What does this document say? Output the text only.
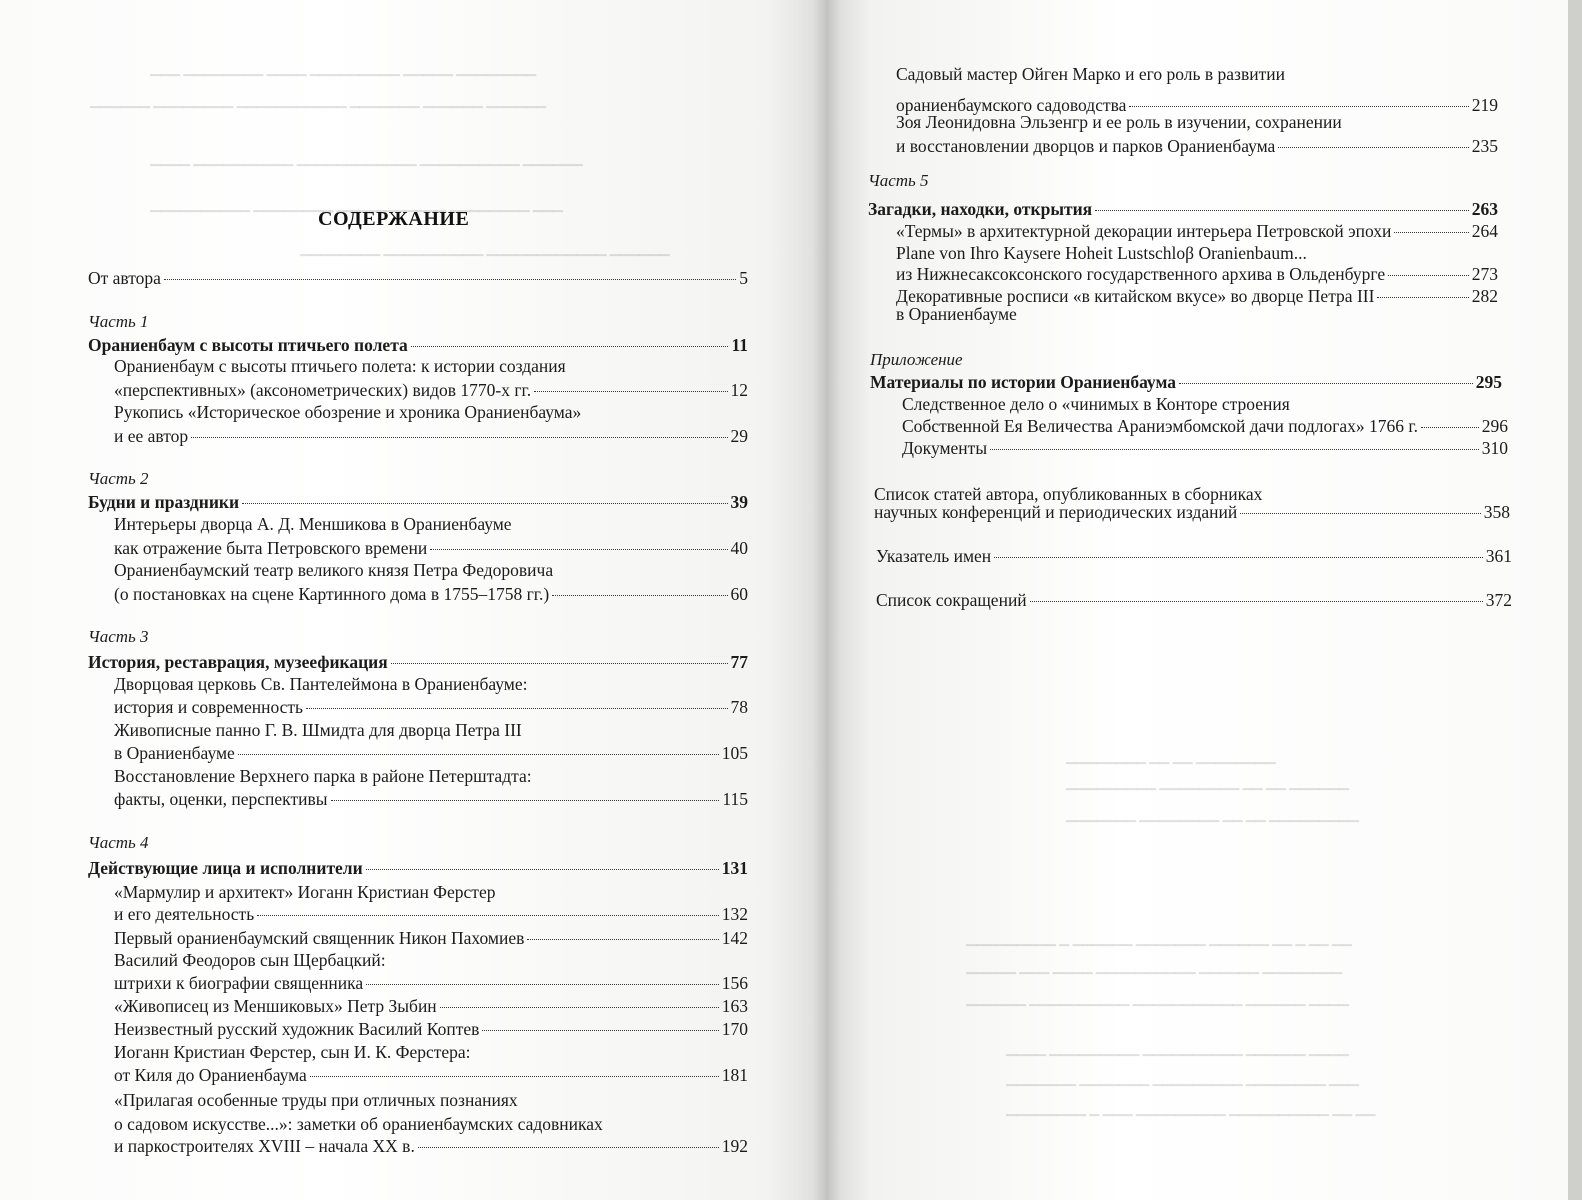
▁▁▁ ▁▁▁▁▁▁▁▁ ▁▁▁▁ ▁▁▁▁▁▁▁▁▁ ▁▁▁▁▁ ▁▁▁▁▁▁▁▁
▁▁▁▁▁▁ ▁▁▁▁▁▁▁▁ ▁▁▁▁▁▁▁▁▁▁▁ ▁▁▁▁▁▁▁ ▁▁▁▁▁▁ ▁▁▁▁▁▁
▁▁▁▁ ▁▁▁▁▁▁▁▁▁▁ ▁▁▁▁▁▁▁▁▁▁▁▁ ▁▁▁▁▁▁▁▁▁▁ ▁▁▁▁▁▁
▁▁▁▁▁▁▁▁▁▁ ▁▁▁▁▁▁▁▁ ▁▁▁▁▁▁▁▁▁▁▁ ▁▁▁▁▁▁▁▁ ▁▁▁
▁▁▁▁▁▁▁▁ ▁▁▁▁▁▁▁▁▁▁ ▁▁▁▁▁▁▁▁▁▁▁▁ ▁▁▁▁▁▁
СОДЕРЖАНИЕ
От автора	5
Часть 1
Ораниенбаум с высоты птичьего полета	11
Ораниенбаум с высоты птичьего полета: к истории создания
«перспективных» (аксонометрических) видов 1770-х гг.	12
Рукопись «Историческое обозрение и хроника Ораниенбаума»
и ее автор	29
Часть 2
Будни и праздники	39
Интерьеры дворца А. Д. Меншикова в Ораниенбауме
как отражение быта Петровского времени	40
Ораниенбаумский театр великого князя Петра Федоровича
(о постановках на сцене Картинного дома в 1755–1758 гг.)	60
Часть 3
История, реставрация, музеефикация	77
Дворцовая церковь Св. Пантелеймона в Ораниенбауме:
история и современность	78
Живописные панно Г. В. Шмидта для дворца Петра III
в Ораниенбауме	105
Восстановление Верхнего парка в районе Петерштадта:
факты, оценки, перспективы	115
Часть 4
Действующие лица и исполнители	131
«Мармулир и архитект» Иоганн Кристиан Ферстер
и его деятельность	132
Первый ораниенбаумский священник Никон Пахомиев	142
Василий Феодоров сын Щербацкий:
штрихи к биографии священника	156
«Живописец из Меншиковых» Петр Зыбин	163
Неизвестный русский художник Василий Коптев	170
Иоганн Кристиан Ферстер, сын И. К. Ферстера:
от Киля до Ораниенбаума	181
«Прилагая особенные труды при отличных познаниях
о садовом искусстве...»: заметки об ораниенбаумских садовниках
и паркостроителях XVIII – начала XX в.	192
▁▁▁▁▁▁▁▁ ▁▁ ▁▁ ▁▁▁▁▁▁▁▁
▁▁▁▁▁▁▁▁▁ ▁▁▁▁▁▁▁▁ ▁▁ ▁▁ ▁▁▁▁▁▁
▁▁▁▁▁▁▁ ▁▁▁▁▁▁▁▁ ▁▁ ▁▁ ▁▁▁▁▁▁▁▁▁
▁▁▁▁▁▁▁▁▁ ▁ ▁▁▁▁▁▁ ▁▁▁▁▁▁▁ ▁▁▁▁▁▁ ▁▁ ▁ ▁▁ ▁▁
▁▁▁▁▁ ▁▁▁ ▁▁▁▁ ▁▁▁▁▁▁▁▁▁▁ ▁▁▁▁▁▁ ▁▁▁▁▁▁▁▁
▁▁▁▁▁▁ ▁▁▁▁▁▁▁▁▁▁ ▁▁▁▁▁▁▁▁▁▁▁ ▁▁▁▁▁▁ ▁▁▁▁
▁▁▁▁ ▁▁▁▁▁▁▁▁▁ ▁▁▁▁▁▁▁▁▁▁ ▁▁▁▁▁▁ ▁▁▁▁
▁▁▁▁▁▁▁ ▁▁▁▁▁▁▁ ▁▁▁▁▁▁▁▁▁ ▁▁▁▁▁▁▁▁ ▁▁▁
▁▁▁▁▁▁▁▁ ▁ ▁▁▁ ▁▁▁▁▁▁▁▁▁ ▁▁▁▁▁▁▁▁▁▁ ▁▁ ▁▁
Садовый мастер Ойген Марко и его роль в развитии
ораниенбаумского садоводства	219
Зоя Леонидовна Эльзенгр и ее роль в изучении, сохранении
и восстановлении дворцов и парков Ораниенбаума	235
Часть 5
Загадки, находки, открытия	263
«Термы» в архитектурной декорации интерьера Петровской эпохи	264
Plane von Ihro Kaysere Hoheit Lustschloβ Oranienbaum...
из Нижнесаксоксонского государственного архива в Ольденбурге	273
Декоративные росписи «в китайском вкусе» во дворце Петра III	282
в Ораниенбауме
Приложение
Материалы по истории Ораниенбаума	295
Следственное дело о «чинимых в Конторе строения
Собственной Ея Величества Араниэмбомской дачи подлогах» 1766 г.	296
Документы	310
Список статей автора, опубликованных в сборниках
научных конференций и периодических изданий	358
Указатель имен	361
Список сокращений	372
